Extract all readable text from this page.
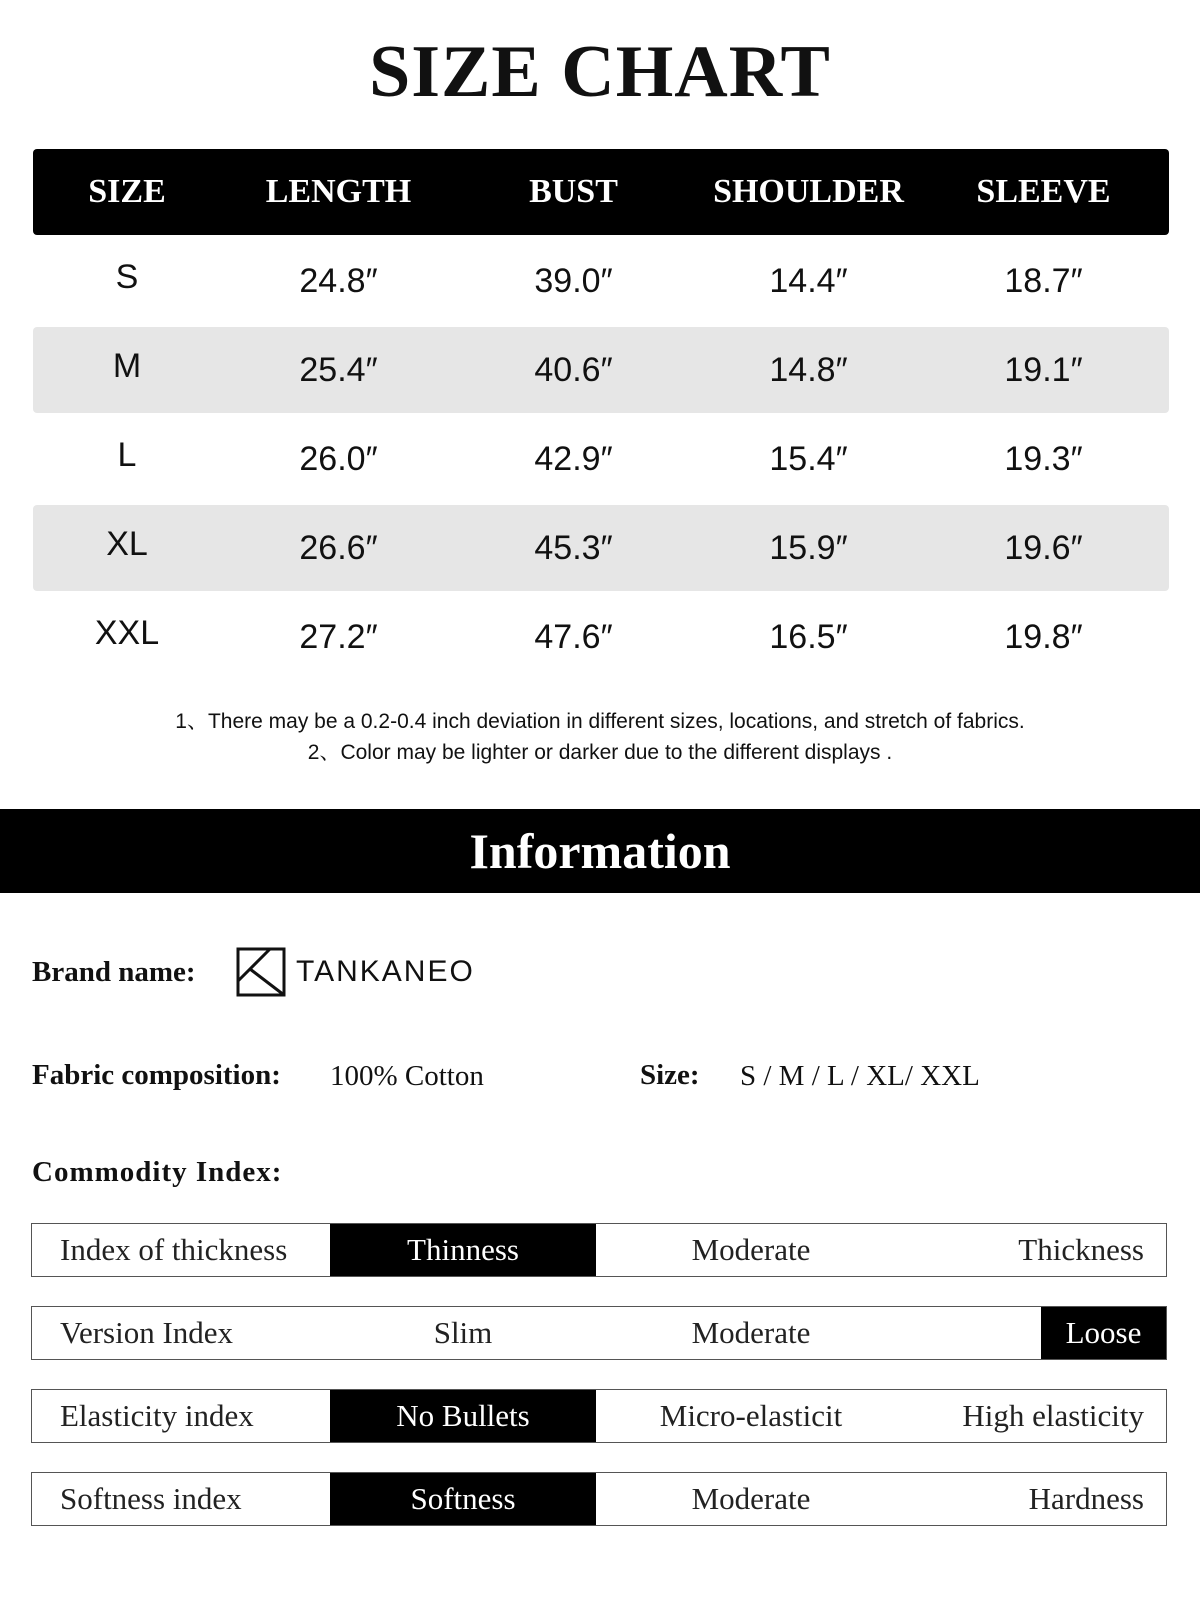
SIZE CHART
SIZE	LENGTH	BUST	SHOULDER	SLEEVE
S	24.8″	39.0″	14.4″	18.7″
M	25.4″	40.6″	14.8″	19.1″
L	26.0″	42.9″	15.4″	19.3″
XL	26.6″	45.3″	15.9″	19.6″
XXL	27.2″	47.6″	16.5″	19.8″
1、There may be a 0.2-0.4 inch deviation in different sizes, locations, and stretch of fabrics.
2、Color may be lighter or darker due to the different displays .
Information
Brand name:	TANKANEO
Fabric composition: 100% Cotton	Size: S / M / L / XL/ XXL
Commodity Index:
Index of thickness	Thinness	Moderate	Thickness
Version Index	Slim	Moderate	Loose
Elasticity index	No Bullets	Micro-elasticit	High elasticity
Softness index	Softness	Moderate	Hardness
